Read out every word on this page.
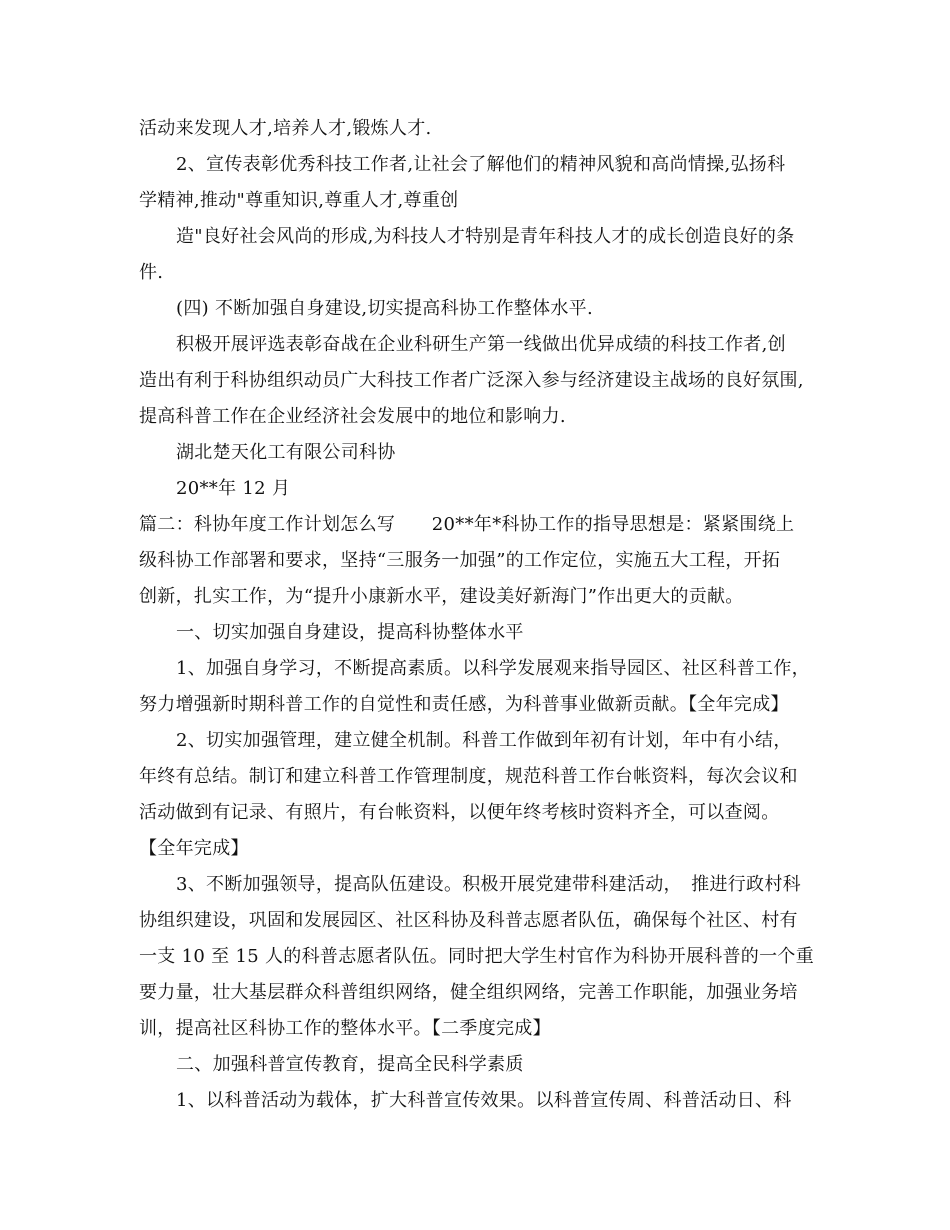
活动来发现人才,培养人才,锻炼人才.
2、宣传表彰优秀科技工作者,让社会了解他们的精神风貌和高尚情操,弘扬科
学精神,推动"尊重知识,尊重人才,尊重创
造"良好社会风尚的形成,为科技人才特别是青年科技人才的成长创造良好的条
件.
(四) 不断加强自身建设,切实提高科协工作整体水平.
积极开展评选表彰奋战在企业科研生产第一线做出优异成绩的科技工作者,创
造出有利于科协组织动员广大科技工作者广泛深入参与经济建设主战场的良好氛围,
提高科普工作在企业经济社会发展中的地位和影响力.
湖北楚天化工有限公司科协
20**年 12 月
篇二：科协年度工作计划怎么写　　20**年*科协工作的指导思想是：紧紧围绕上
级科协工作部署和要求，坚持“三服务一加强”的工作定位，实施五大工程，开拓
创新，扎实工作，为“提升小康新水平，建设美好新海门”作出更大的贡献。
一、切实加强自身建设，提高科协整体水平
1、加强自身学习，不断提高素质。以科学发展观来指导园区、社区科普工作，
努力增强新时期科普工作的自觉性和责任感，为科普事业做新贡献。【全年完成】
2、切实加强管理，建立健全机制。科普工作做到年初有计划，年中有小结，
年终有总结。制订和建立科普工作管理制度，规范科普工作台帐资料，每次会议和
活动做到有记录、有照片，有台帐资料，以便年终考核时资料齐全，可以查阅。
【全年完成】
3、不断加强领导，提高队伍建设。积极开展党建带科建活动，　推进行政村科
协组织建设，巩固和发展园区、社区科协及科普志愿者队伍，确保每个社区、村有
一支 10 至 15 人的科普志愿者队伍。同时把大学生村官作为科协开展科普的一个重
要力量，壮大基层群众科普组织网络，健全组织网络，完善工作职能，加强业务培
训，提高社区科协工作的整体水平。【二季度完成】
二、加强科普宣传教育，提高全民科学素质
1、以科普活动为载体，扩大科普宣传效果。以科普宣传周、科普活动日、科
